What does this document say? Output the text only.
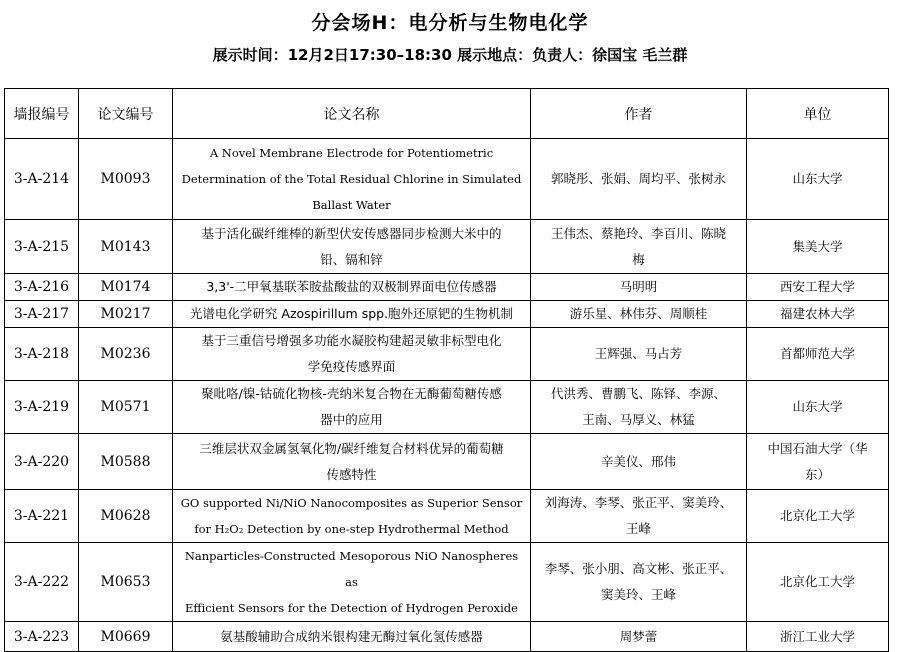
分会场H：电分析与生物电化学
展示时间：12月2日17:30–18:30 展示地点：负责人：徐国宝 毛兰群
墙报编号	论文编号	论文名称	作者	单位
3-A-214	M0093	A Novel Membrane Electrode for Potentiometric
Determination of the Total Residual Chlorine in Simulated
Ballast Water	郭晓彤、张娟、周均平、张树永	山东大学

3-A-215	M0143	基于活化碳纤维棒的新型伏安传感器同步检测大米中的
铅、镉和锌	王伟杰、蔡艳玲、李百川、陈晓
梅	集美大学

3-A-216	M0174	3,3'-二甲氧基联苯胺盐酸盐的双极制界面电位传感器	马明明	西安工程大学

3-A-217	M0217	光谱电化学研究 Azospirillum spp.胞外还原钯的生物机制	游乐星、林伟芬、周顺桂	福建农林大学

3-A-218	M0236	基于三重信号增强多功能水凝胶构建超灵敏非标型电化
学免疫传感界面	王辉强、马占芳	首都师范大学

3-A-219	M0571	聚吡咯/镍-钴硫化物核-壳纳米复合物在无酶葡萄糖传感
器中的应用	代洪秀、曹鹏飞、陈铎、李源、
王南、马厚义、林猛	山东大学

3-A-220	M0588	三维层状双金属氢氧化物/碳纤维复合材料优异的葡萄糖
传感特性	辛美仪、邢伟	中国石油大学（华
东）

3-A-221	M0628	GO supported Ni/NiO Nanocomposites as Superior Sensor
for H₂O₂ Detection by one-step Hydrothermal Method	刘海涛、李琴、张正平、窦美玲、
王峰	北京化工大学

3-A-222	M0653	Nanparticles-Constructed Mesoporous NiO Nanospheres as
Efficient Sensors for the Detection of Hydrogen Peroxide	李琴、张小朋、高文彬、张正平、
窦美玲、王峰	北京化工大学

3-A-223	M0669	氨基酸辅助合成纳米银构建无酶过氧化氢传感器	周梦蕾	浙江工业大学
